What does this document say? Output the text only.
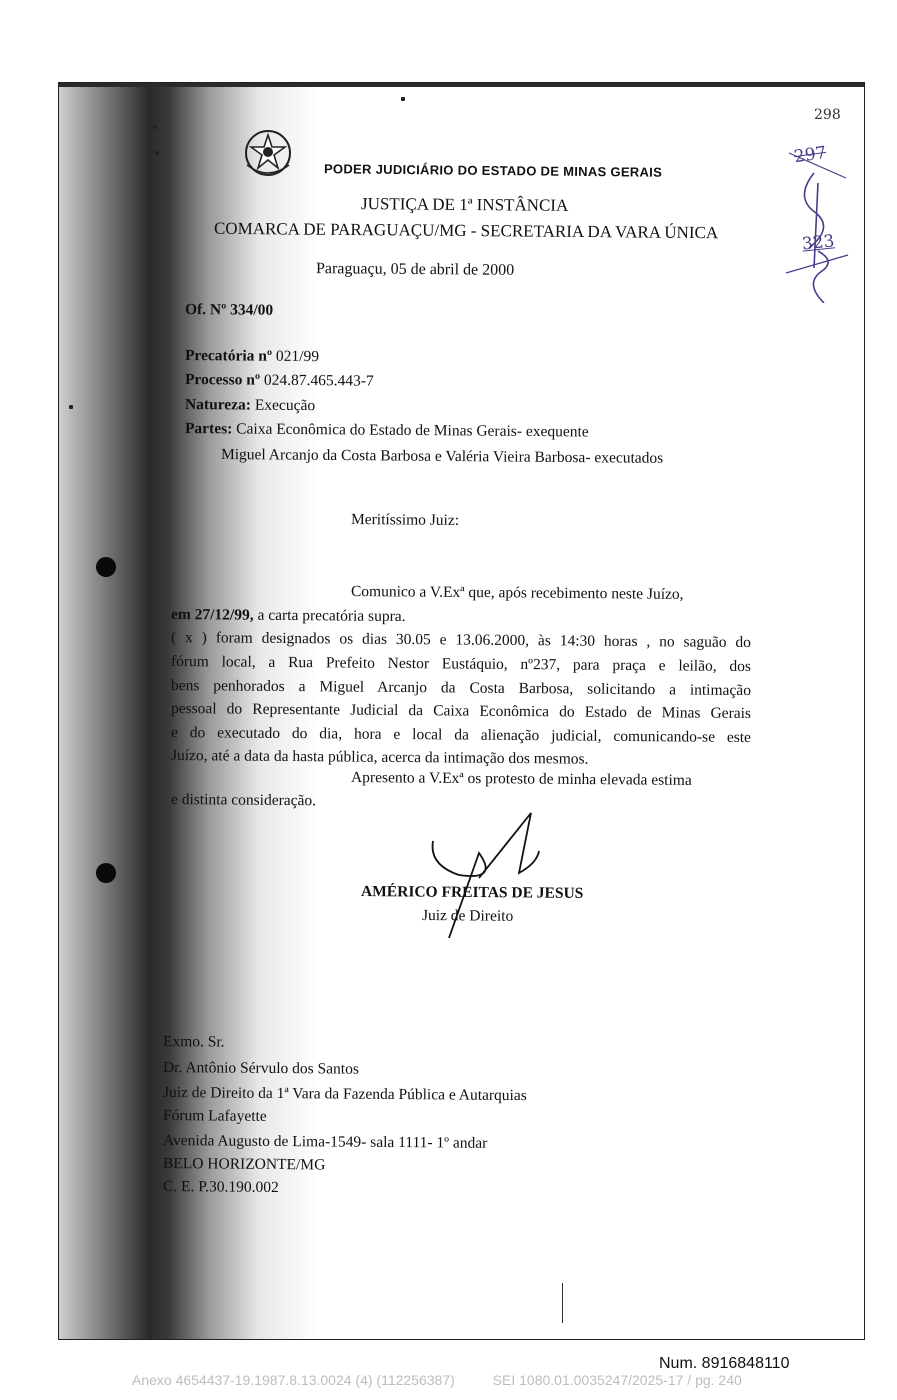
PODER JUDICIÁRIO DO ESTADO DE MINAS GERAIS
JUSTIÇA DE 1ª INSTÂNCIA
COMARCA DE PARAGUAÇU/MG - SECRETARIA DA VARA ÚNICA
Paraguaçu, 05 de abril de 2000
298
297
323
Of. Nº 334/00
Precatória nº 021/99
Processo nº 024.87.465.443-7
Natureza: Execução
Partes: Caixa Econômica do Estado de Minas Gerais- exequente
Miguel Arcanjo da Costa Barbosa e Valéria Vieira Barbosa- executados
Meritíssimo Juiz:
Comunico a V.Exª que, após recebimento neste Juízo,
em 27/12/99, a carta precatória supra.
( x ) foram designados os dias 30.05 e 13.06.2000, às 14:30 horas , no saguão do
fórum local, a Rua Prefeito Nestor Eustáquio, nº237, para praça e leilão, dos
bens penhorados a Miguel Arcanjo da Costa Barbosa, solicitando a intimação
pessoal do Representante Judicial da Caixa Econômica do Estado de Minas Gerais
e do executado do dia, hora e local da alienação judicial, comunicando-se este
Juízo, até a data da hasta pública, acerca da intimação dos mesmos.
Apresento a V.Exª os protesto de minha elevada estima
e distinta consideração.
AMÉRICO FREITAS DE JESUS
Juiz de Direito
Exmo. Sr.
Dr. Antônio Sérvulo dos Santos
Juiz de Direito da 1ª Vara da Fazenda Pública e Autarquias
Fórum Lafayette
Avenida Augusto de Lima-1549- sala 1111- 1º andar
BELO HORIZONTE/MG
C. E. P.30.190.002
Num. 8916848110
Anexo 4654437-19.1987.8.13.0024 (4) (112256387)	SEI 1080.01.0035247/2025-17 / pg. 240
